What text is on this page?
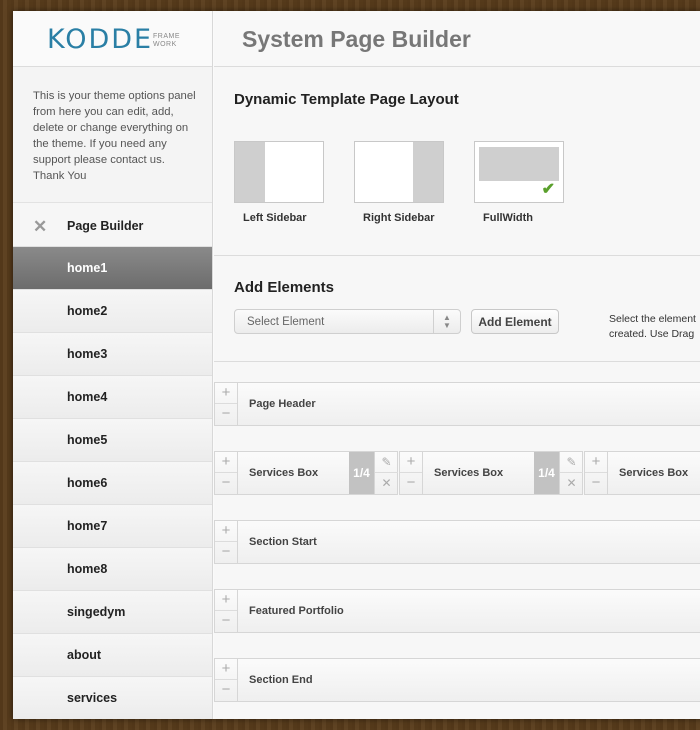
KODDE FRAME WORK
This is your theme options panel from here you can edit, add, delete or change everything on the theme. If you need any support please contact us. Thank You
✕ Page Builder
home1
home2
home3
home4
home5
home6
home7
home8
singedym
about
services
System Page Builder
Dynamic Template Page Layout
Left Sidebar	Right Sidebar
✔
FullWidth
Add Elements
Select Element	▲
▼	Add Element	Select the element
created. Use Drag
+
−
Page Header
+
−
Services Box	1/4
✎
✕
+
−
Services Box	1/4
✎
✕
+
−
Services Box
+
−
Section Start
+
−
Featured Portfolio
+
−
Section End
